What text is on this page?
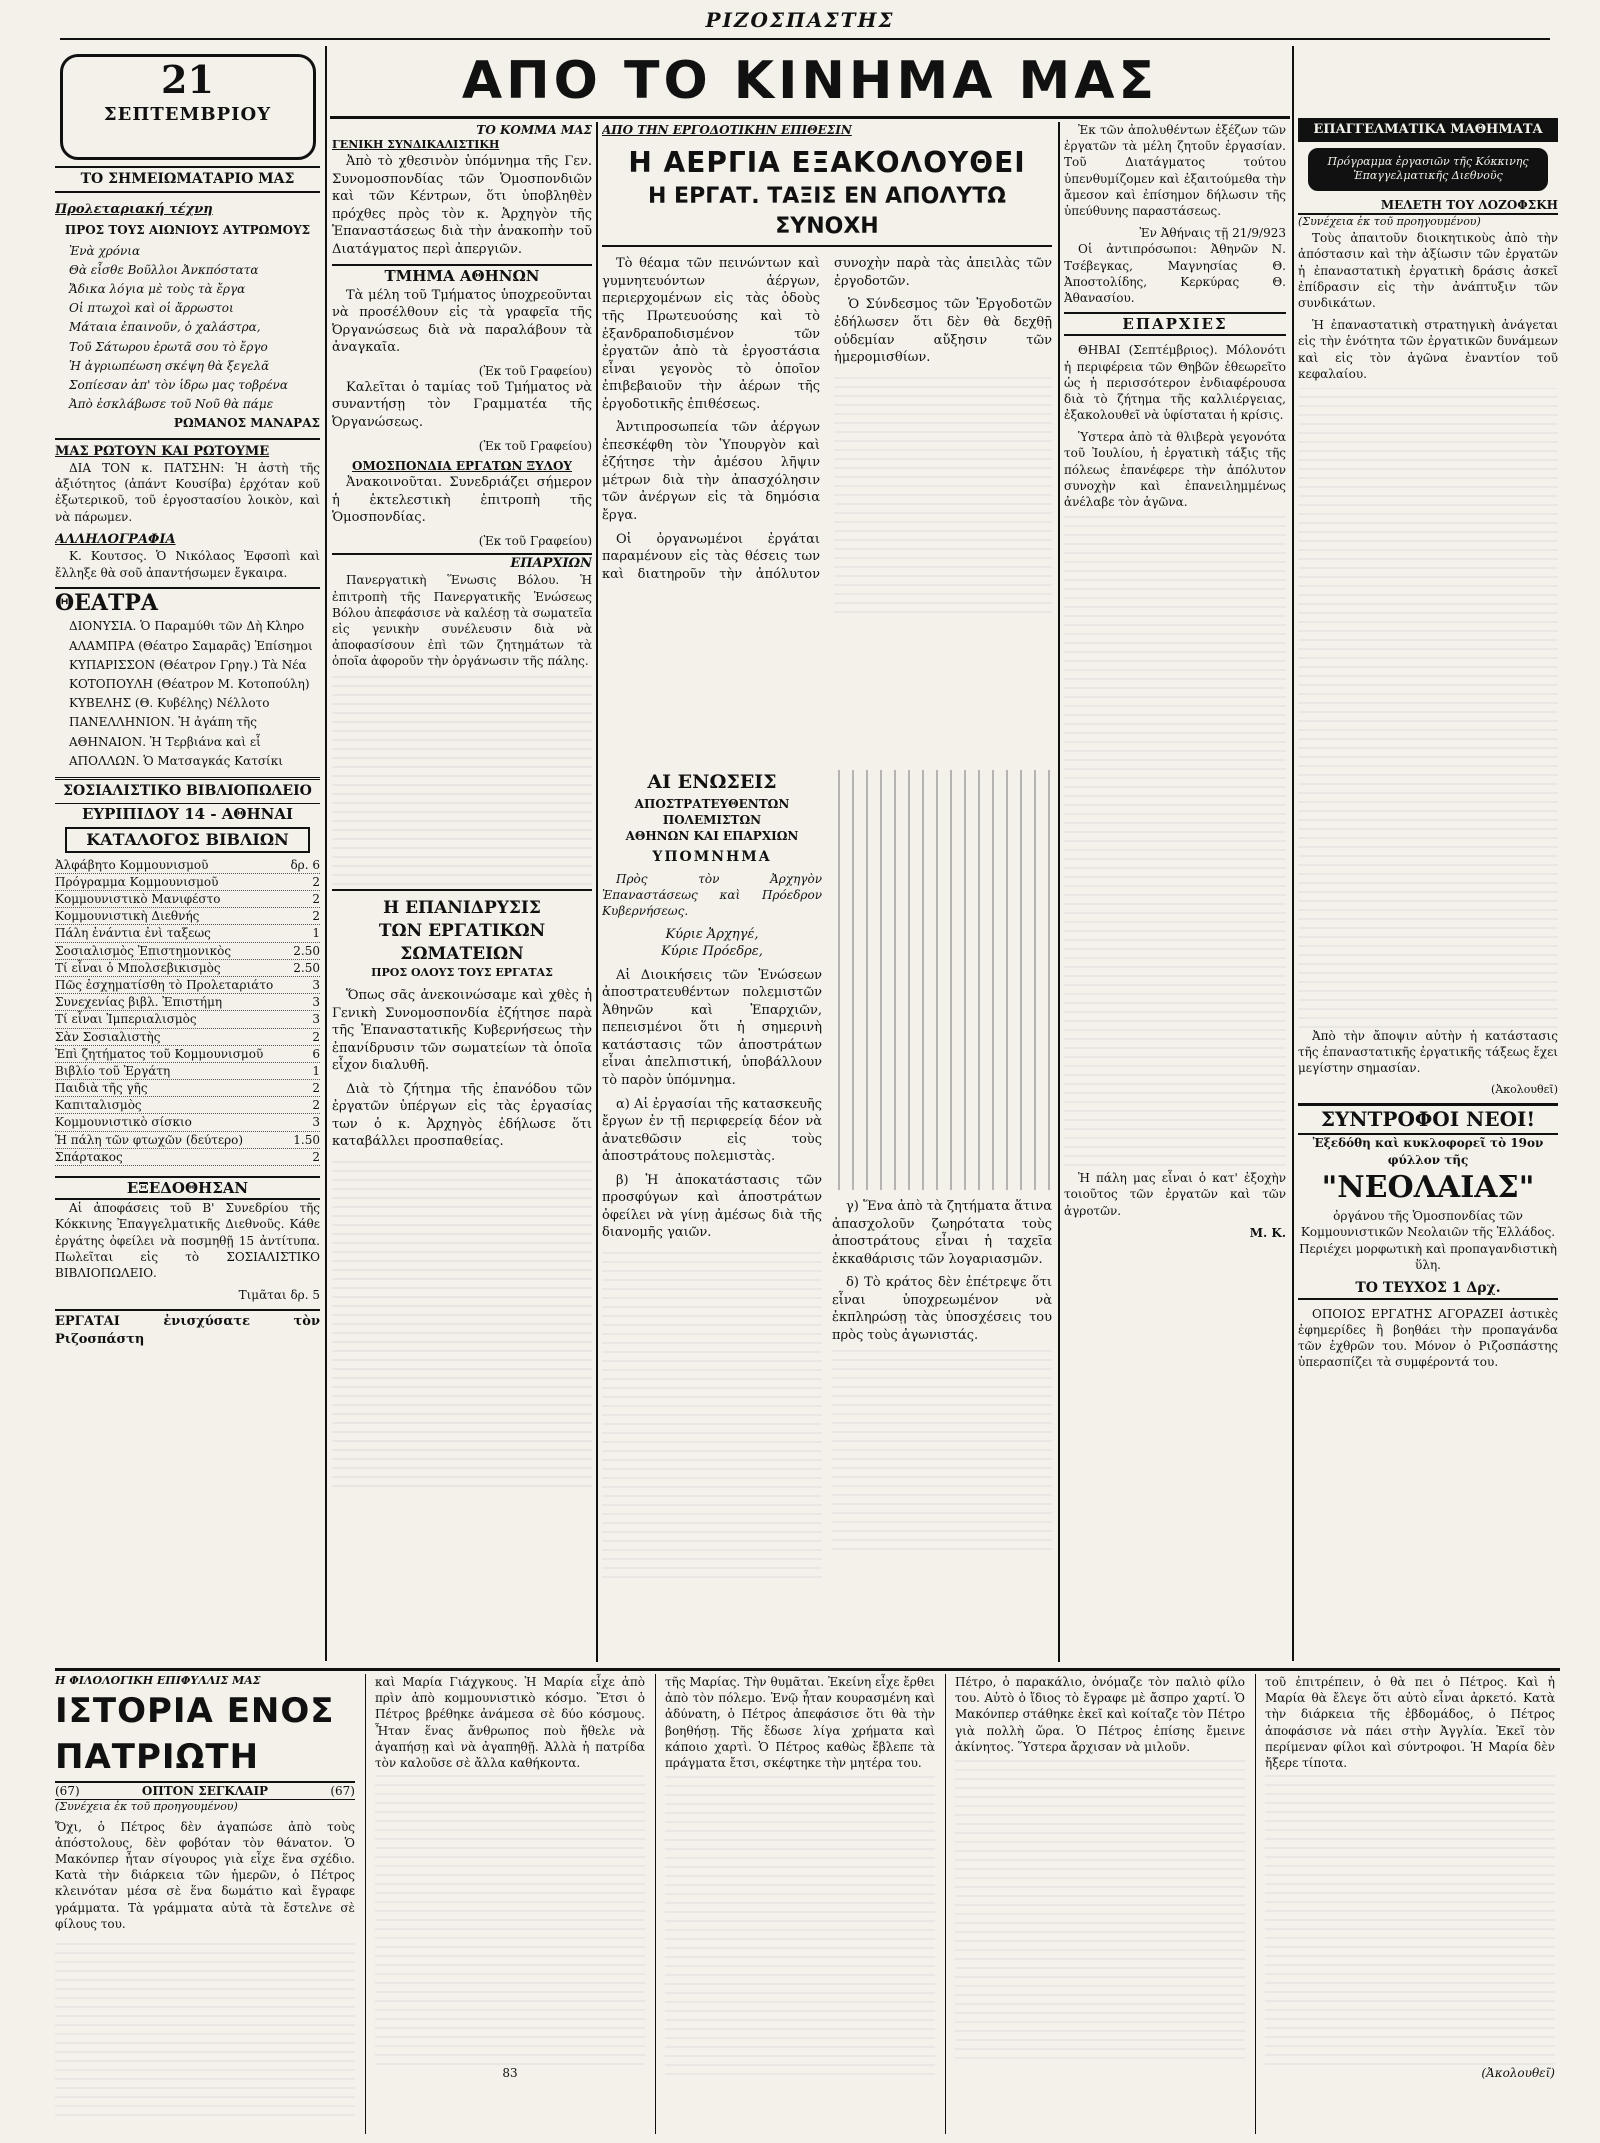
ΡΙΖΟΣΠΑΣΤΗΣ
21
ΣΕΠΤΕΜΒΡΙΟΥ
ΤΟ ΣΗΜΕΙΩΜΑΤΑΡΙΟ ΜΑΣ
Προλεταριακή τέχνη
ΠΡΟΣ ΤΟΥΣ ΑΙΩΝΙΟΥΣ ΑΥΤΡΩΜΟΥΣ

Ἐνὰ χρόνια

Θὰ εἶσθε Βοῦλλοι Ἀνκπόστατα

Ἄδικα λόγια μὲ τοὺς τὰ ἔργα

Οἱ πτωχοὶ καὶ οἱ ἄρρωστοι

Μάταια ἐπαινοῦν, ὁ χαλάστρα,

Τοῦ Σάτωρου ἐρωτᾶ σου τὸ ἔργο

Ἡ ἀγριωπέωση σκέψη θὰ ξεγελᾶ

Σοπίεσαν ἀπ' τὸν ἱδρω μας τοβρένα

Ἀπὸ ἐσκλάβωσε τοῦ Νοῦ θὰ πάμε

ΡΩΜΑΝΟΣ ΜΑΝΑΡΑΣ

ΜΑΣ ΡΩΤΟΥΝ ΚΑΙ ΡΩΤΟΥΜΕ

ΔΙΑ ΤΟΝ κ. ΠΑΤΣΗΝ: Ἡ ἀστὴ τῆς ἀξιότητος (ἀπάντ Κουσίβα) ἐρχόταν κοῦ ἐξωτερικοῦ, τοῦ ἐργοστασίου λοικὸν, καὶ νὰ πάρωμεν.

ΑΛΛΗΛΟΓΡΑΦΙΑ

Κ. Κουτσος. Ὁ Νικόλαος Ἐφσοπὶ καὶ ἔλληξε θὰ σοῦ ἀπαντήσωμεν ἔγκαιρα.

ΘΕΑΤΡΑ

ΔΙΟΝΥΣΙΑ. Ὁ Παραμύθι τῶν Δὴ Κληρο

ΑΛΑΜΠΡΑ (Θέατρο Σαμαρᾶς) Ἐπίσημοι

ΚΥΠΑΡΙΣΣΟΝ (Θέατρον Γρηγ.) Τὰ Νέα

ΚΟΤΟΠΟΥΛΗ (Θέατρον Μ. Κοτοπούλη)

ΚΥΒΕΛΗΣ (Θ. Κυβέλης) Νέλλοτο

ΠΑΝΕΛΛΗΝΙΟΝ. Ἡ ἀγάπη τῆς

ΑΘΗΝΑΙΟΝ. Ἡ Τερβιάνα καὶ εἷ

ΑΠΟΛΛΩΝ. Ὁ Ματσαγκάς Κατσίκι

ΣΟΣΙΑΛΙΣΤΙΚΟ ΒΙΒΛΙΟΠΩΛΕΙΟ
ΕΥΡΙΠΙΔΟΥ 14 - ΑΘΗΝΑΙ
ΚΑΤΑΛΟΓΟΣ ΒΙΒΛΙΩΝ
Ἀλφάβητο Κομμουνισμοῦ	δρ. 6
Πρόγραμμα Κομμουνισμοῦ	2
Κομμουνιστικὸ Μανιφέστο	2
Κομμουνιστικὴ Διεθνής	2
Πάλη ἐνάντια ἐνὶ ταξεως	1
Σοσιαλισμὸς Ἐπιστημονικὸς	2.50
Τί εἶναι ὁ Μπολσεβικισμὸς	2.50
Πῶς ἐσχηματίσθη τὸ Προλεταριάτο	3
Συνεχενίας βιβλ. Ἐπιστήμη	3
Τί εἶναι Ἰμπεριαλισμὸς	3
Σὰν Σοσιαλιστὴς	2
Ἐπὶ ζητήματος τοῦ Κομμουνισμοῦ	6
Βιβλίο τοῦ Ἐργάτη	1
Παιδιὰ τῆς γῆς	2
Καπιταλισμὸς	2
Κομμουνιστικὸ σίσκιο	3
Ἡ πάλη τῶν φτωχῶν (δεύτερο)	1.50
Σπάρτακος	2
ΕΞΕΔΟΘΗΣΑΝ

Αἱ ἀποφάσεις τοῦ Β' Συνεδρίου τῆς Κόκκινης Ἐπαγγελματικῆς Διεθνοῦς. Κάθε ἐργάτης ὀφείλει νὰ ποσμηθῇ 15 ἀντίτυπα. Πωλεῖται εἰς τὸ ΣΟΣΙΑΛΙΣΤΙΚΟ ΒΙΒΛΙΟΠΩΛΕΙΟ.

Τιμᾶται δρ. 5
ΕΡΓΑΤΑΙ ἐνισχύσατε τὸν Ριζοσπάστη
ΑΠΟ ΤΟ ΚΙΝΗΜΑ ΜΑΣ
ΤΟ ΚΟΜΜΑ ΜΑΣ
ΓΕΝΙΚΗ ΣΥΝΔΙΚΑΛΙΣΤΙΚΗ

Ἀπὸ τὸ χθεσινὸν ὑπόμνημα τῆς Γεν. Συνομοσπονδίας τῶν Ὁμοσπονδιῶν καὶ τῶν Κέντρων, ὅτι ὑποβληθὲν πρόχθες πρὸς τὸν κ. Ἀρχηγὸν τῆς Ἐπαναστάσεως διὰ τὴν ἀνακοπὴν τοῦ Διατάγματος περὶ ἀπεργιῶν.

ΤΜΗΜΑ ΑΘΗΝΩΝ

Τὰ μέλη τοῦ Τμήματος ὑποχρεοῦνται νὰ προσέλθουν εἰς τὰ γραφεῖα τῆς Ὀργανώσεως διὰ νὰ παραλάβουν τὰ ἀναγκαῖα.

(Ἐκ τοῦ Γραφείου)

Καλεῖται ὁ ταμίας τοῦ Τμήματος νὰ συναντήσῃ τὸν Γραμματέα τῆς Ὀργανώσεως.

(Ἐκ τοῦ Γραφείου)
ΟΜΟΣΠΟΝΔΙΑ ΕΡΓΑΤΩΝ ΞΥΛΟΥ

Ἀνακοινοῦται. Συνεδριάζει σήμερον ἡ ἐκτελεστικὴ ἐπιτροπὴ τῆς Ὁμοσπονδίας.

(Ἐκ τοῦ Γραφείου)
ΕΠΑΡΧΙΩΝ

Πανεργατικὴ Ἕνωσις Βόλου. Ἡ ἐπιτροπὴ τῆς Πανεργατικῆς Ἑνώσεως Βόλου ἀπεφάσισε νὰ καλέσῃ τὰ σωματεῖα εἰς γενικὴν συνέλευσιν διὰ νὰ ἀποφασίσουν ἐπὶ τῶν ζητημάτων τὰ ὁποῖα ἀφοροῦν τὴν ὀργάνωσιν τῆς πάλης.

Η ΕΠΑΝΙΔΡΥΣΙΣ
ΤΩΝ ΕΡΓΑΤΙΚΩΝ ΣΩΜΑΤΕΙΩΝ
ΠΡΟΣ ΟΛΟΥΣ ΤΟΥΣ ΕΡΓΑΤΑΣ

Ὅπως σᾶς ἀνεκοινώσαμε καὶ χθὲς ἡ Γενικὴ Συνομοσπονδία ἐζήτησε παρὰ τῆς Ἐπαναστατικῆς Κυβερνήσεως τὴν ἐπανίδρυσιν τῶν σωματείων τὰ ὁποῖα εἶχον διαλυθῆ.

Διὰ τὸ ζήτημα τῆς ἐπανόδου τῶν ἐργατῶν ὑπέργων εἰς τὰς ἐργασίας των ὁ κ. Ἀρχηγὸς ἐδήλωσε ὅτι καταβάλλει προσπαθείας.

ΑΠΟ ΤΗΝ ΕΡΓΟΔΟΤΙΚΗΝ ΕΠΙΘΕΣΙΝ
Η ΑΕΡΓΙΑ ΕΞΑΚΟΛΟΥΘΕΙ
Η ΕΡΓΑΤ. ΤΑΞΙΣ ΕΝ ΑΠΟΛΥΤΩ ΣΥΝΟΧΗ

Τὸ θέαμα τῶν πεινώντων καὶ γυμνητευόντων ἀέργων, περιερχομένων εἰς τὰς ὁδοὺς τῆς Πρωτευούσης καὶ τὸ ἐξανδραποδισμένον τῶν ἐργατῶν ἀπὸ τὰ ἐργοστάσια εἶναι γεγονὸς τὸ ὁποῖον ἐπιβεβαιοῦν τὴν ἀέρων τῆς ἐργοδοτικῆς ἐπιθέσεως.

Ἀντιπροσωπεία τῶν ἀέργων ἐπεσκέφθη τὸν Ὑπουργὸν καὶ ἐζήτησε τὴν ἀμέσου λῆψιν μέτρων διὰ τὴν ἀπασχόλησιν τῶν ἀνέργων εἰς τὰ δημόσια ἔργα.

Οἱ ὀργανωμένοι ἐργάται παραμένουν εἰς τὰς θέσεις των καὶ διατηροῦν τὴν ἀπόλυτον συνοχὴν παρὰ τὰς ἀπειλὰς τῶν ἐργοδοτῶν.

Ὁ Σύνδεσμος τῶν Ἐργοδοτῶν ἐδήλωσεν ὅτι δὲν θὰ δεχθῇ οὐδεμίαν αὔξησιν τῶν ἡμερομισθίων.

Ἐκ τῶν ἀπολυθέντων ἐξέζων τῶν ἐργατῶν τὰ μέλη ζητοῦν ἐργασίαν. Τοῦ Διατάγματος τούτου ὑπενθυμίζομεν καὶ ἐξαιτούμεθα τὴν ἄμεσον καὶ ἐπίσημον δήλωσιν τῆς ὑπεύθυνης παραστάσεως.

Ἐν Ἀθήναις τῇ 21/9/923

Οἱ ἀντιπρόσωποι: Ἀθηνῶν Ν. Τσέβεγκας, Μαγνησίας Θ. Ἀποστολίδης, Κερκύρας Θ. Ἀθανασίου.

ΕΠΑΡΧΙΕΣ

ΘΗΒΑΙ (Σεπτέμβριος). Μόλονότι ἡ περιφέρεια τῶν Θηβῶν ἐθεωρεῖτο ὡς ἡ περισσότερον ἐνδιαφέρουσα διὰ τὸ ζήτημα τῆς καλλιέργειας, ἐξακολουθεῖ νὰ ὑφίσταται ἡ κρίσις.

Ὑστερα ἀπὸ τὰ θλιβερὰ γεγονότα τοῦ Ἰουλίου, ἡ ἐργατικὴ τάξις τῆς πόλεως ἐπανέφερε τὴν ἀπόλυτον συνοχὴν καὶ ἐπανειλημμένως ἀνέλαβε τὸν ἀγῶνα.

Ἡ πάλη μας εἶναι ὁ κατ' ἐξοχὴν τοιοῦτος τῶν ἐργατῶν καὶ τῶν ἀγροτῶν.

Μ. Κ.
ΑΙ ΕΝΩΣΕΙΣ
ΑΠΟΣΤΡΑΤΕΥΘΕΝΤΩΝ ΠΟΛΕΜΙΣΤΩΝ
ΑΘΗΝΩΝ ΚΑΙ ΕΠΑΡΧΙΩΝ
ΥΠΟΜΝΗΜΑ

Πρὸς τὸν Ἀρχηγὸν Ἐπαναστάσεως καὶ Πρόεδρον Κυβερνήσεως.

Κύριε Ἀρχηγέ,
Κύριε Πρόεδρε,

Αἱ Διοικήσεις τῶν Ἑνώσεων ἀποστρατευθέντων πολεμιστῶν Ἀθηνῶν καὶ Ἐπαρχιῶν, πεπεισμένοι ὅτι ἡ σημερινὴ κατάστασις τῶν ἀποστράτων εἶναι ἀπελπιστική, ὑποβάλλουν τὸ παρὸν ὑπόμνημα.

α) Αἱ ἐργασίαι τῆς κατασκευῆς ἔργων ἐν τῇ περιφερείᾳ δέον νὰ ἀνατεθῶσιν εἰς τοὺς ἀποστράτους πολεμιστὰς.

β) Ἡ ἀποκατάστασις τῶν προσφύγων καὶ ἀποστράτων ὀφείλει νὰ γίνῃ ἀμέσως διὰ τῆς διανομῆς γαιῶν.

γ) Ἕνα ἀπὸ τὰ ζητήματα ἅτινα ἀπασχολοῦν ζωηρότατα τοὺς ἀποστράτους εἶναι ἡ ταχεῖα ἐκκαθάρισις τῶν λογαριασμῶν.

δ) Τὸ κράτος δὲν ἐπέτρεψε ὅτι εἶναι ὑποχρεωμένον νὰ ἐκπληρώσῃ τὰς ὑποσχέσεις του πρὸς τοὺς ἀγωνιστάς.

ΕΠΑΓΓΕΛΜΑΤΙΚΑ ΜΑΘΗΜΑΤΑ
Πρόγραμμα ἐργασιῶν τῆς Κόκκινης Ἐπαγγελματικῆς Διεθνοῦς
ΜΕΛΕΤΗ ΤΟΥ ΛΟΖΟΦΣΚΗ
(Συνέχεια ἐκ τοῦ προηγουμένου)

Τοὺς ἀπαιτοῦν διοικητικοὺς ἀπὸ τὴν ἀπόστασιν καὶ τὴν ἀξίωσιν τῶν ἐργατῶν ἡ ἐπαναστατικὴ ἐργατικὴ δράσις ἀσκεῖ ἐπίδρασιν εἰς τὴν ἀνάπτυξιν τῶν συνδικάτων.

Ἡ ἐπαναστατικὴ στρατηγικὴ ἀνάγεται εἰς τὴν ἑνότητα τῶν ἐργατικῶν δυνάμεων καὶ εἰς τὸν ἀγῶνα ἐναντίον τοῦ κεφαλαίου.

Ἀπὸ τὴν ἄποψιν αὐτὴν ἡ κατάστασις τῆς ἐπαναστατικῆς ἐργατικῆς τάξεως ἔχει μεγίστην σημασίαν.

(Ἀκολουθεῖ)
ΣΥΝΤΡΟΦΟΙ ΝΕΟΙ!
Ἐξεδόθη καὶ κυκλοφορεῖ τὸ 19ον φύλλον τῆς
"ΝΕΟΛΑΙΑΣ"

ὀργάνου τῆς Ὁμοσπονδίας τῶν Κομμουνιστικῶν Νεολαιῶν τῆς Ἑλλάδος. Περιέχει μορφωτικὴ καὶ προπαγανδιστικὴ ὕλη.

ΤΟ ΤΕΥΧΟΣ 1 Δρχ.

ΟΠΟΙΟΣ ΕΡΓΑΤΗΣ ΑΓΟΡΑΖΕΙ ἀστικὲς ἐφημερίδες ἢ βοηθάει τὴν προπαγάνδα τῶν ἐχθρῶν του. Μόνον ὁ Ριζοσπάστης ὑπερασπίζει τὰ συμφέροντά του.

Η ΦΙΛΟΛΟΓΙΚΗ ΕΠΙΦΥΛΛΙΣ ΜΑΣ
ΙΣΤΟΡΙΑ ΕΝΟΣ ΠΑΤΡΙΩΤΗ
(67)	ΟΠΤΟΝ ΣΕΓΚΛΑΙΡ	(67)
(Συνέχεια ἐκ τοῦ προηγουμένου)

Ὄχι, ὁ Πέτρος δὲν ἀγαπώσε ἀπὸ τοὺς ἀπόστολους, δὲν φοβόταν τὸν θάνατον. Ὁ Μακόνπερ ἦταν σίγουρος γιὰ εἶχε ἕνα σχέδιο. Κατὰ τὴν διάρκεια τῶν ἡμερῶν, ὁ Πέτρος κλεινόταν μέσα σὲ ἕνα δωμάτιο καὶ ἔγραφε γράμματα. Τὰ γράμματα αὐτὰ τὰ ἔστελνε σὲ φίλους του.

καὶ Μαρία Γιάχγκους. Ἡ Μαρία εἶχε ἀπὸ πρὶν ἀπὸ κομμουνιστικὸ κόσμο. Ἔτσι ὁ Πέτρος βρέθηκε ἀνάμεσα σὲ δύο κόσμους. Ἦταν ἕνας ἄνθρωπος ποὺ ἤθελε νὰ ἀγαπήσῃ καὶ νὰ ἀγαπηθῇ. Ἀλλὰ ἡ πατρίδα τὸν καλοῦσε σὲ ἄλλα καθήκοντα.

83

τῆς Μαρίας. Τὴν θυμᾶται. Ἐκείνη εἶχε ἔρθει ἀπὸ τὸν πόλεμο. Ἐνῷ ἦταν κουρασμένη καὶ ἀδύνατη, ὁ Πέτρος ἀπεφάσισε ὅτι θὰ τὴν βοηθήσῃ. Τῆς ἔδωσε λίγα χρήματα καὶ κάποιο χαρτὶ. Ὁ Πέτρος καθὼς ἔβλεπε τὰ πράγματα ἔτσι, σκέφτηκε τὴν μητέρα του.

Πέτρο, ὁ παρακάλιο, ὀνόμαζε τὸν παλιὸ φίλο του. Αὐτὸ ὁ ἴδιος τὸ ἔγραφε μὲ ἄσπρο χαρτί. Ὁ Μακόνπερ στάθηκε ἐκεῖ καὶ κοίταζε τὸν Πέτρο γιὰ πολλὴ ὥρα. Ὁ Πέτρος ἐπίσης ἔμεινε ἀκίνητος. Ὕστερα ἄρχισαν νὰ μιλοῦν.

τοῦ ἐπιτρέπειν, ὁ θὰ πει ὁ Πέτρος. Καὶ ἡ Μαρία θὰ ἔλεγε ὅτι αὐτὸ εἶναι ἀρκετό. Κατὰ τὴν διάρκεια τῆς ἑβδομάδος, ὁ Πέτρος ἀποφάσισε νὰ πάει στὴν Ἀγγλία. Ἐκεῖ τὸν περίμεναν φίλοι καὶ σύντροφοι. Ἡ Μαρία δὲν ἤξερε τίποτα.

(Ἀκολουθεῖ)
